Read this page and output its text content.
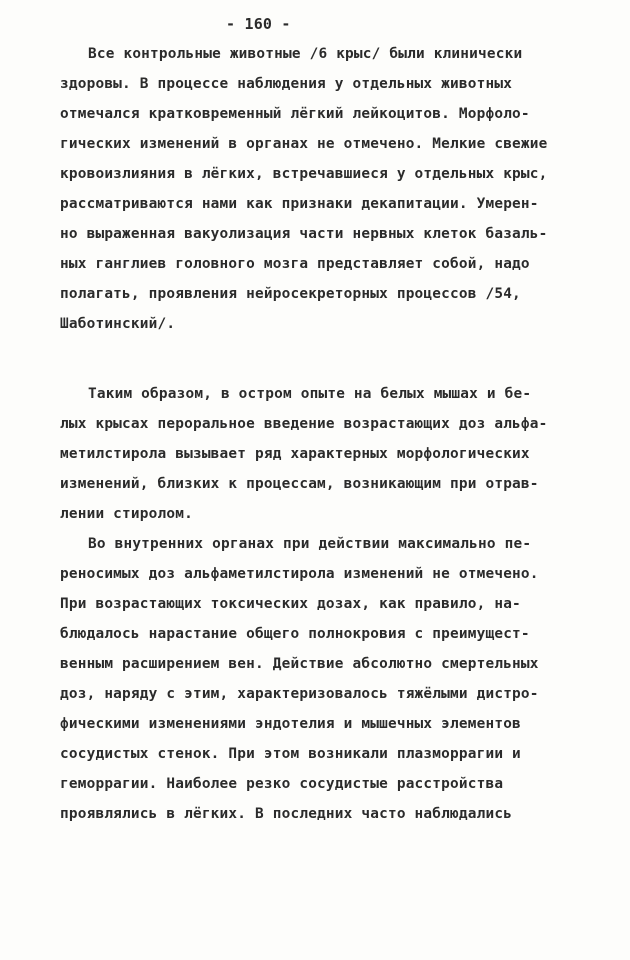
- 160 -
Все контрольные животные /6 крыс/ были клинически
здоровы. В процессе наблюдения у отдельных животных
отмечался кратковременный лёгкий лейкоцитов. Морфоло-
гических изменений в органах не отмечено. Мелкие свежие
кровоизлияния в лёгких, встречавшиеся у отдельных крыс,
рассматриваются нами как признаки декапитации. Умерен-
но выраженная вакуолизация части нервных клеток базаль-
ных ганглиев головного мозга представляет собой, надо
полагать, проявления нейросекреторных процессов /54,
Шаботинский/.
Таким образом, в остром опыте на белых мышах и бе-
лых крысах пероральное введение возрастающих доз альфа-
метилстирола вызывает ряд характерных морфологических
изменений, близких к процессам, возникающим при отрав-
лении стиролом.
Во внутренних органах при действии максимально пе-
реносимых доз альфаметилстирола изменений не отмечено.
При возрастающих токсических дозах, как правило, на-
блюдалось нарастание общего полнокровия с преимущест-
венным расширением вен. Действие абсолютно смертельных
доз, наряду с этим, характеризовалось тяжёлыми дистро-
фическими изменениями эндотелия и мышечных элементов
сосудистых стенок. При этом возникали плазморрагии и
геморрагии. Наиболее резко сосудистые расстройства
проявлялись в лёгких. В последних часто наблюдались
